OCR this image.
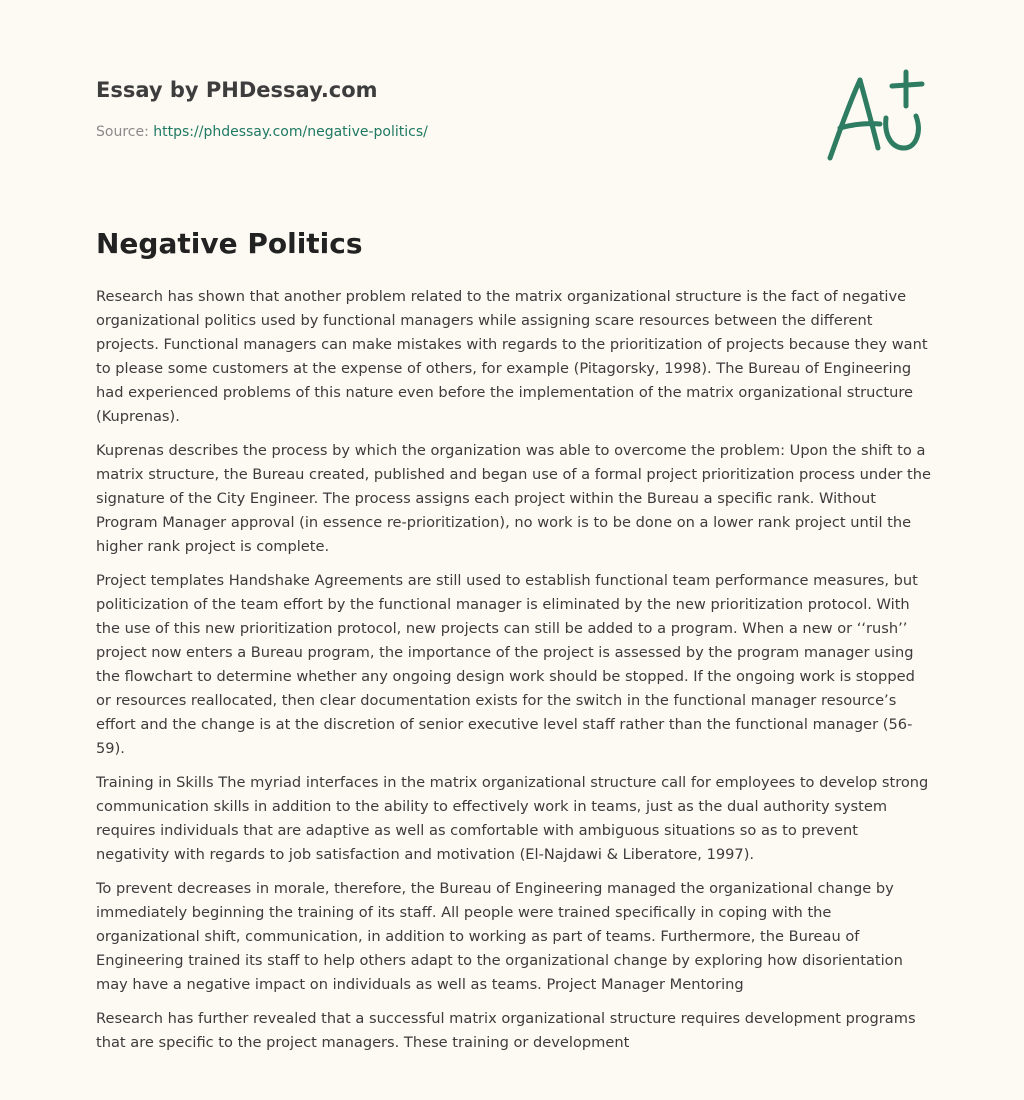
Essay by PHDessay.com
Source: https://phdessay.com/negative-politics/
Negative Politics

Research has shown that another problem related to the matrix organizational structure is the fact of negative organizational politics used by functional managers while assigning scare resources between the different projects. Functional managers can make mistakes with regards to the prioritization of projects because they want to please some customers at the expense of others, for example (Pitagorsky, 1998). The Bureau of Engineering had experienced problems of this nature even before the implementation of the matrix organizational structure (Kuprenas).

Kuprenas describes the process by which the organization was able to overcome the problem: Upon the shift to a matrix structure, the Bureau created, published and began use of a formal project prioritization process under the signature of the City Engineer. The process assigns each project within the Bureau a specific rank. Without Program Manager approval (in essence re-prioritization), no work is to be done on a lower rank project until the higher rank project is complete.

Project templates Handshake Agreements are still used to establish functional team performance measures, but politicization of the team effort by the functional manager is eliminated by the new prioritization protocol. With the use of this new prioritization protocol, new projects can still be added to a program. When a new or ‘‘rush’’ project now enters a Bureau program, the importance of the project is assessed by the program manager using the flowchart to determine whether any ongoing design work should be stopped. If the ongoing work is stopped or resources reallocated, then clear documentation exists for the switch in the functional manager resource’s effort and the change is at the discretion of senior executive level staff rather than the functional manager (56-59).

Training in Skills The myriad interfaces in the matrix organizational structure call for employees to develop strong communication skills in addition to the ability to effectively work in teams, just as the dual authority system requires individuals that are adaptive as well as comfortable with ambiguous situations so as to prevent negativity with regards to job satisfaction and motivation (El-Najdawi & Liberatore, 1997).

To prevent decreases in morale, therefore, the Bureau of Engineering managed the organizational change by immediately beginning the training of its staff. All people were trained specifically in coping with the organizational shift, communication, in addition to working as part of teams. Furthermore, the Bureau of Engineering trained its staff to help others adapt to the organizational change by exploring how disorientation may have a negative impact on individuals as well as teams. Project Manager Mentoring

Research has further revealed that a successful matrix organizational structure requires development programs that are specific to the project managers. These training or development
